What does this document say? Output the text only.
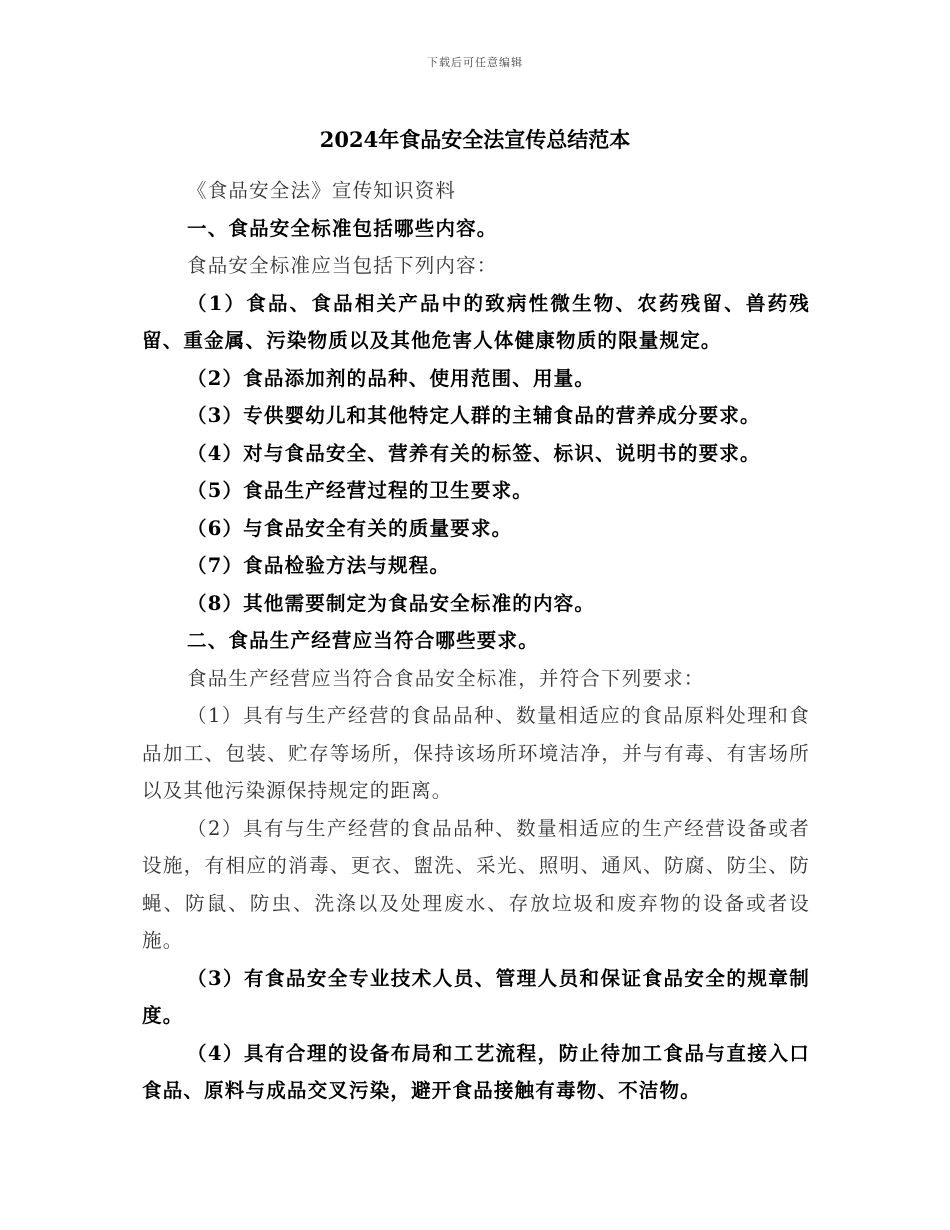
下载后可任意编辑
2024年食品安全法宣传总结范本

《食品安全法》宣传知识资料

一、食品安全标准包括哪些内容。

食品安全标准应当包括下列内容：

（1）食品、食品相关产品中的致病性微生物、农药残留、兽药残留、重金属、污染物质以及其他危害人体健康物质的限量规定。

（2）食品添加剂的品种、使用范围、用量。

（3）专供婴幼儿和其他特定人群的主辅食品的营养成分要求。

（4）对与食品安全、营养有关的标签、标识、说明书的要求。

（5）食品生产经营过程的卫生要求。

（6）与食品安全有关的质量要求。

（7）食品检验方法与规程。

（8）其他需要制定为食品安全标准的内容。

二、食品生产经营应当符合哪些要求。

食品生产经营应当符合食品安全标准，并符合下列要求：

（1）具有与生产经营的食品品种、数量相适应的食品原料处理和食品加工、包装、贮存等场所，保持该场所环境洁净，并与有毒、有害场所以及其他污染源保持规定的距离。

（2）具有与生产经营的食品品种、数量相适应的生产经营设备或者设施，有相应的消毒、更衣、盥洗、采光、照明、通风、防腐、防尘、防蝇、防鼠、防虫、洗涤以及处理废水、存放垃圾和废弃物的设备或者设施。

（3）有食品安全专业技术人员、管理人员和保证食品安全的规章制度。

（4）具有合理的设备布局和工艺流程，防止待加工食品与直接入口食品、原料与成品交叉污染，避开食品接触有毒物、不洁物。
